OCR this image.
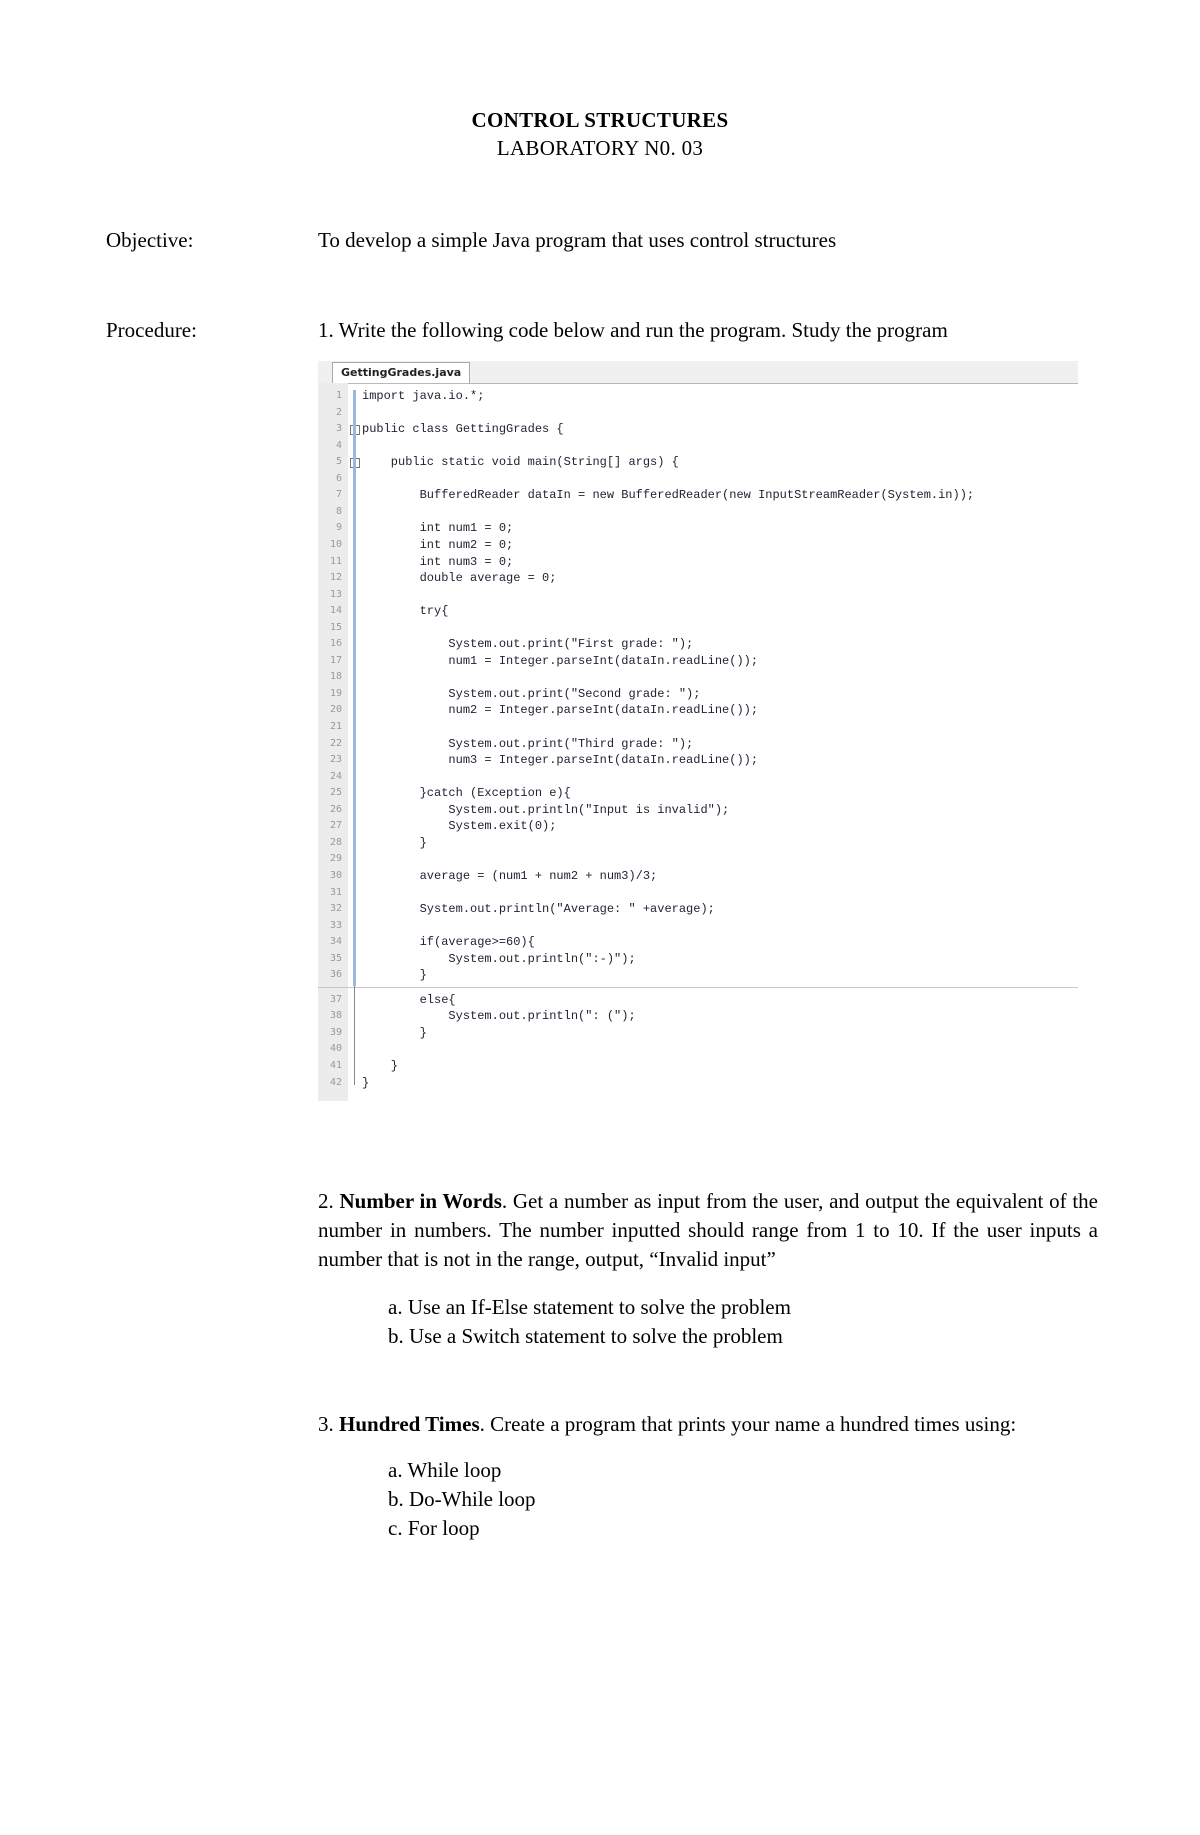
CONTROL STRUCTURES
LABORATORY N0. 03
Objective:	To develop a simple Java program that uses control structures
Procedure:	1. Write the following code below and run the program. Study the program
GettingGrades.java
1 import java.io.*;
2
3 public class GettingGrades {
4
5 public static void main(String[] args) {
6
7 BufferedReader dataIn = new BufferedReader(new InputStreamReader(System.in));
8
9 int num1 = 0;
10 int num2 = 0;
11 int num3 = 0;
12 double average = 0;
13
14 try{
15
16 System.out.print("First grade: ");
17 num1 = Integer.parseInt(dataIn.readLine());
18
19 System.out.print("Second grade: ");
20 num2 = Integer.parseInt(dataIn.readLine());
21
22 System.out.print("Third grade: ");
23 num3 = Integer.parseInt(dataIn.readLine());
24
25 }catch (Exception e){
26 System.out.println("Input is invalid");
27 System.exit(0);
28 }
29
30 average = (num1 + num2 + num3)/3;
31
32 System.out.println("Average: " +average);
33
34 if(average>=60){
35 System.out.println(":-)");
36 }
37 else{
38 System.out.println(": (");
39 }
40
41 }
42 }
2. Number in Words. Get a number as input from the user, and output the equivalent of the number in numbers. The number inputted should range from 1 to 10. If the user inputs a number that is not in the range, output, “Invalid input”
a. Use an If-Else statement to solve the problem
b. Use a Switch statement to solve the problem
3. Hundred Times. Create a program that prints your name a hundred times using:
a. While loop
b. Do-While loop
c. For loop
